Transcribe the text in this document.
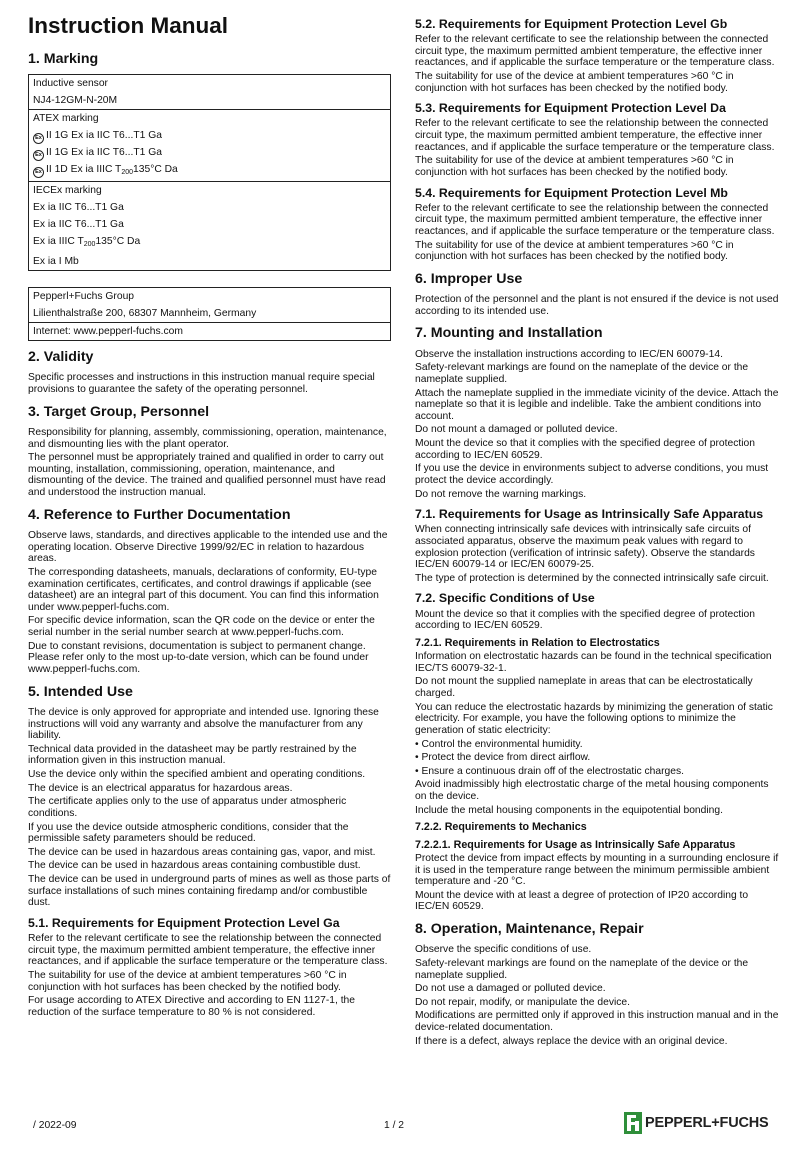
Instruction Manual
1. Marking
Inductive sensor
NJ4-12GM-N-20M
ATEX marking
Ex II 1G Ex ia IIC T6...T1 Ga
Ex II 1G Ex ia IIC T6...T1 Ga
Ex II 1D Ex ia IIIC $T_{200}135^\circ C$ Da
IECEx marking
Ex ia IIC T6...T1 Ga
Ex ia IIC T6...T1 Ga
Ex ia IIIC $T_{200}135^\circ C$ Da
Ex ia I Mb
Pepperl+Fuchs Group
Lilienthalstraße 200, 68307 Mannheim, Germany
Internet: www.pepperl-fuchs.com
2. Validity

Specific processes and instructions in this instruction manual require special provisions to guarantee the safety of the operating personnel.

3. Target Group, Personnel

Responsibility for planning, assembly, commissioning, operation, maintenance, and dismounting lies with the plant operator.

The personnel must be appropriately trained and qualified in order to carry out mounting, installation, commissioning, operation, maintenance, and dismounting of the device. The trained and qualified personnel must have read and understood the instruction manual.

4. Reference to Further Documentation

Observe laws, standards, and directives applicable to the intended use and the operating location. Observe Directive 1999/92/EC in relation to hazardous areas.

The corresponding datasheets, manuals, declarations of conformity, EU-type examination certificates, certificates, and control drawings if applicable (see datasheet) are an integral part of this document. You can find this information under www.pepperl-fuchs.com.

For specific device information, scan the QR code on the device or enter the serial number in the serial number search at www.pepperl-fuchs.com.

Due to constant revisions, documentation is subject to permanent change. Please refer only to the most up-to-date version, which can be found under www.pepperl-fuchs.com.

5. Intended Use

The device is only approved for appropriate and intended use. Ignoring these instructions will void any warranty and absolve the manufacturer from any liability.

Technical data provided in the datasheet may be partly restrained by the information given in this instruction manual.

Use the device only within the specified ambient and operating conditions.

The device is an electrical apparatus for hazardous areas.

The certificate applies only to the use of apparatus under atmospheric conditions.

If you use the device outside atmospheric conditions, consider that the permissible safety parameters should be reduced.

The device can be used in hazardous areas containing gas, vapor, and mist.

The device can be used in hazardous areas containing combustible dust.

The device can be used in underground parts of mines as well as those parts of surface installations of such mines containing firedamp and/or combustible dust.

5.1. Requirements for Equipment Protection Level Ga

Refer to the relevant certificate to see the relationship between the connected circuit type, the maximum permitted ambient temperature, the effective inner reactances, and if applicable the surface temperature or the temperature class.

The suitability for use of the device at ambient temperatures >60 °C in conjunction with hot surfaces has been checked by the notified body.

For usage according to ATEX Directive and according to EN 1127-1, the reduction of the surface temperature to 80 % is not considered.

5.2. Requirements for Equipment Protection Level Gb

Refer to the relevant certificate to see the relationship between the connected circuit type, the maximum permitted ambient temperature, the effective inner reactances, and if applicable the surface temperature or the temperature class.

The suitability for use of the device at ambient temperatures >60 °C in conjunction with hot surfaces has been checked by the notified body.

5.3. Requirements for Equipment Protection Level Da

Refer to the relevant certificate to see the relationship between the connected circuit type, the maximum permitted ambient temperature, the effective inner reactances, and if applicable the surface temperature or the temperature class.

The suitability for use of the device at ambient temperatures >60 °C in conjunction with hot surfaces has been checked by the notified body.

5.4. Requirements for Equipment Protection Level Mb

Refer to the relevant certificate to see the relationship between the connected circuit type, the maximum permitted ambient temperature, the effective inner reactances, and if applicable the surface temperature or the temperature class.

The suitability for use of the device at ambient temperatures >60 °C in conjunction with hot surfaces has been checked by the notified body.

6. Improper Use

Protection of the personnel and the plant is not ensured if the device is not used according to its intended use.

7. Mounting and Installation

Observe the installation instructions according to IEC/EN 60079-14.

Safety-relevant markings are found on the nameplate of the device or the nameplate supplied.

Attach the nameplate supplied in the immediate vicinity of the device. Attach the nameplate so that it is legible and indelible. Take the ambient conditions into account.

Do not mount a damaged or polluted device.

Mount the device so that it complies with the specified degree of protection according to IEC/EN 60529.

If you use the device in environments subject to adverse conditions, you must protect the device accordingly.

Do not remove the warning markings.

7.1. Requirements for Usage as Intrinsically Safe Apparatus

When connecting intrinsically safe devices with intrinsically safe circuits of associated apparatus, observe the maximum peak values with regard to explosion protection (verification of intrinsic safety). Observe the standards IEC/EN 60079-14 or IEC/EN 60079-25.

The type of protection is determined by the connected intrinsically safe circuit.

7.2. Specific Conditions of Use

Mount the device so that it complies with the specified degree of protection according to IEC/EN 60529.

7.2.1. Requirements in Relation to Electrostatics

Information on electrostatic hazards can be found in the technical specification IEC/TS 60079-32-1.

Do not mount the supplied nameplate in areas that can be electrostatically charged.

You can reduce the electrostatic hazards by minimizing the generation of static electricity. For example, you have the following options to minimize the generation of static electricity:

• Control the environmental humidity.

• Protect the device from direct airflow.

• Ensure a continuous drain off of the electrostatic charges.

Avoid inadmissibly high electrostatic charge of the metal housing components on the device.

Include the metal housing components in the equipotential bonding.

7.2.2. Requirements to Mechanics
7.2.2.1. Requirements for Usage as Intrinsically Safe Apparatus

Protect the device from impact effects by mounting in a surrounding enclosure if it is used in the temperature range between the minimum permissible ambient temperature and -20 °C.

Mount the device with at least a degree of protection of IP20 according to IEC/EN 60529.

8. Operation, Maintenance, Repair

Observe the specific conditions of use.

Safety-relevant markings are found on the nameplate of the device or the nameplate supplied.

Do not use a damaged or polluted device.

Do not repair, modify, or manipulate the device.

Modifications are permitted only if approved in this instruction manual and in the device-related documentation.

If there is a defect, always replace the device with an original device.

/ 2022-09	1 / 2	PEPPERL+FUCHS
